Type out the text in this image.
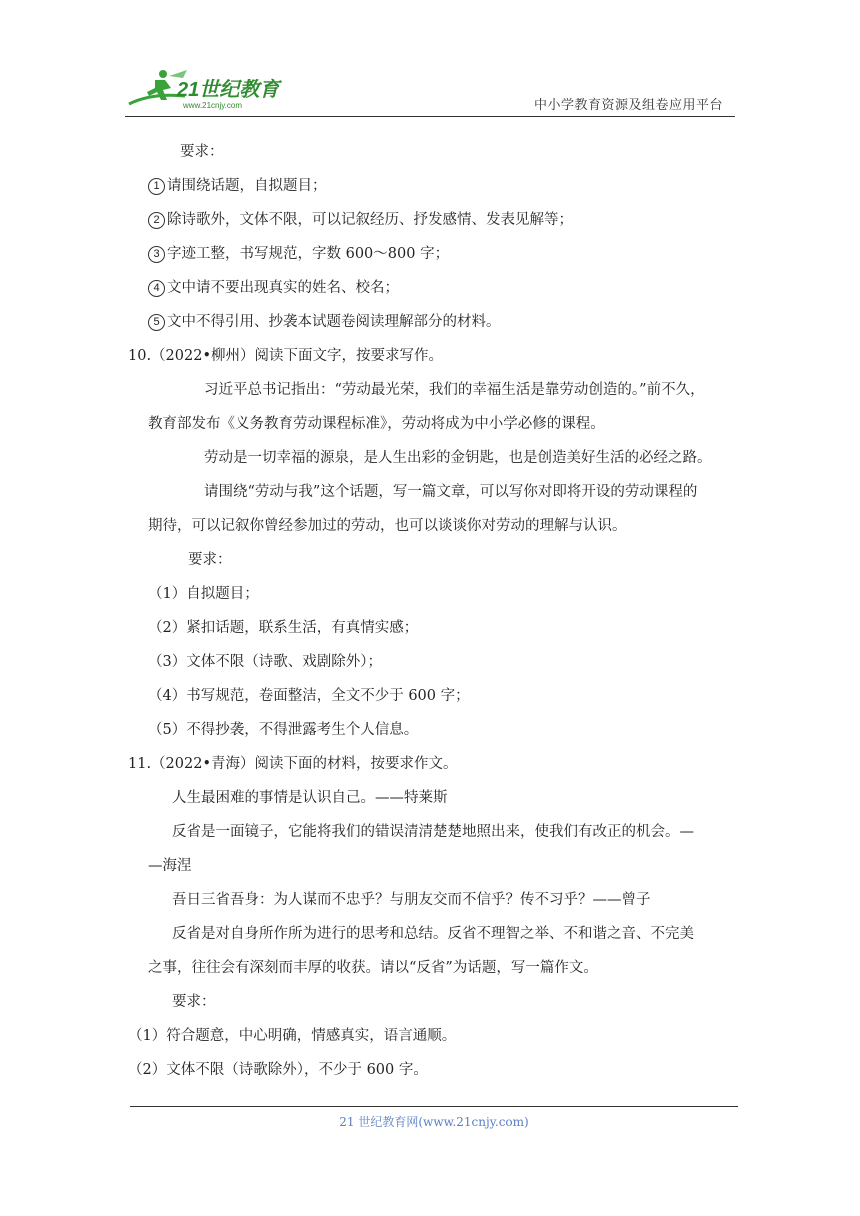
21世纪教育
www.21cnjy.com	中小学教育资源及组卷应用平台
要求：
1 请围绕话题，自拟题目；
2 除诗歌外，文体不限，可以记叙经历、抒发感情、发表见解等；
3 字迹工整，书写规范，字数 600～800 字；
4 文中请不要出现真实的姓名、校名；
5 文中不得引用、抄袭本试题卷阅读理解部分的材料。
10.（2022•柳州）阅读下面文字，按要求写作。
习近平总书记指出：“劳动最光荣，我们的幸福生活是靠劳动创造的。”前不久，
教育部发布《义务教育劳动课程标准》，劳动将成为中小学必修的课程。
劳动是一切幸福的源泉，是人生出彩的金钥匙，也是创造美好生活的必经之路。
请围绕“劳动与我”这个话题，写一篇文章，可以写你对即将开设的劳动课程的
期待，可以记叙你曾经参加过的劳动，也可以谈谈你对劳动的理解与认识。
要求：
（1）自拟题目；
（2）紧扣话题，联系生活，有真情实感；
（3）文体不限（诗歌、戏剧除外）；
（4）书写规范，卷面整洁，全文不少于 600 字；
（5）不得抄袭，不得泄露考生个人信息。
11.（2022•青海）阅读下面的材料，按要求作文。
人生最困难的事情是认识自己。——特莱斯
反省是一面镜子，它能将我们的错误清清楚楚地照出来，使我们有改正的机会。—
—海涅
吾日三省吾身：为人谋而不忠乎？与朋友交而不信乎？传不习乎？——曾子
反省是对自身所作所为进行的思考和总结。反省不理智之举、不和谐之音、不完美
之事，往往会有深刻而丰厚的收获。请以“反省”为话题，写一篇作文。
要求：
（1）符合题意，中心明确，情感真实，语言通顺。
（2）文体不限（诗歌除外），不少于 600 字。
21 世纪教育网(www.21cnjy.com)
